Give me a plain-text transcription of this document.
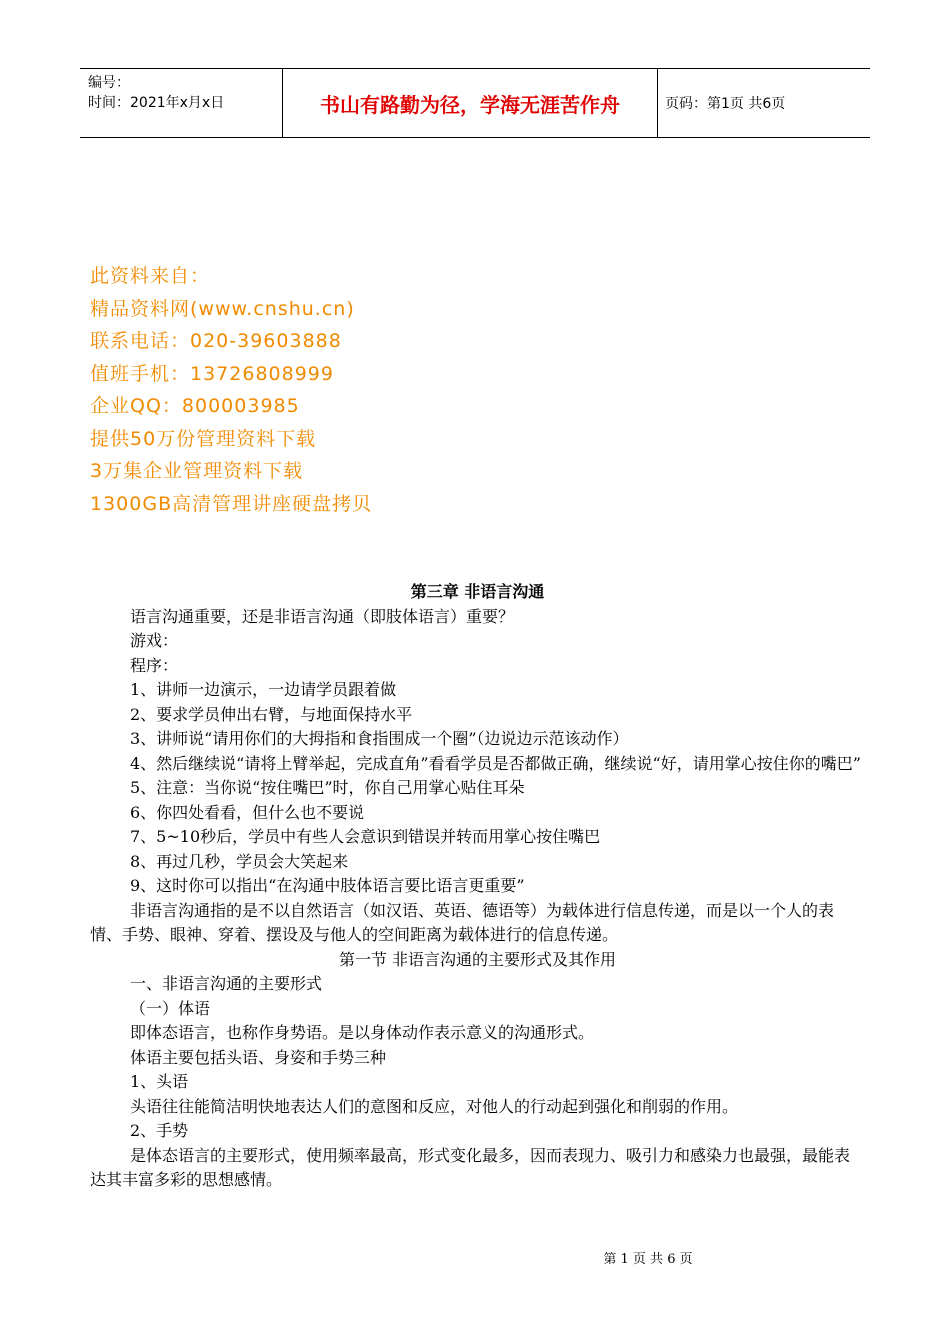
编号：
时间：2021年x月x日	书山有路勤为径，学海无涯苦作舟	页码：第1页 共6页
此资料来自：
精品资料网(www.cnshu.cn)
联系电话：020-39603888
值班手机：13726808999
企业QQ：800003985
提供50万份管理资料下载
3万集企业管理资料下载
1300GB高清管理讲座硬盘拷贝

第三章 非语言沟通

语言沟通重要，还是非语言沟通（即肢体语言）重要？

游戏：

程序：

1、讲师一边演示，一边请学员跟着做

2、要求学员伸出右臂，与地面保持水平

3、讲师说“请用你们的大拇指和食指围成一个圈”（边说边示范该动作）

4、然后继续说“请将上臂举起，完成直角”看看学员是否都做正确，继续说“好，请用掌心按住你的嘴巴”

5、注意：当你说“按住嘴巴”时，你自己用掌心贴住耳朵

6、你四处看看，但什么也不要说

7、5~10秒后，学员中有些人会意识到错误并转而用掌心按住嘴巴

8、再过几秒，学员会大笑起来

9、这时你可以指出“在沟通中肢体语言要比语言更重要”

非语言沟通指的是不以自然语言（如汉语、英语、德语等）为载体进行信息传递，而是以一个人的表情、手势、眼神、穿着、摆设及与他人的空间距离为载体进行的信息传递。

第一节 非语言沟通的主要形式及其作用

一、非语言沟通的主要形式

（一）体语

即体态语言，也称作身势语。是以身体动作表示意义的沟通形式。

体语主要包括头语、身姿和手势三种

1、头语

头语往往能简洁明快地表达人们的意图和反应，对他人的行动起到强化和削弱的作用。

2、手势

是体态语言的主要形式，使用频率最高，形式变化最多，因而表现力、吸引力和感染力也最强，最能表达其丰富多彩的思想感情。

第 1 页 共 6 页
